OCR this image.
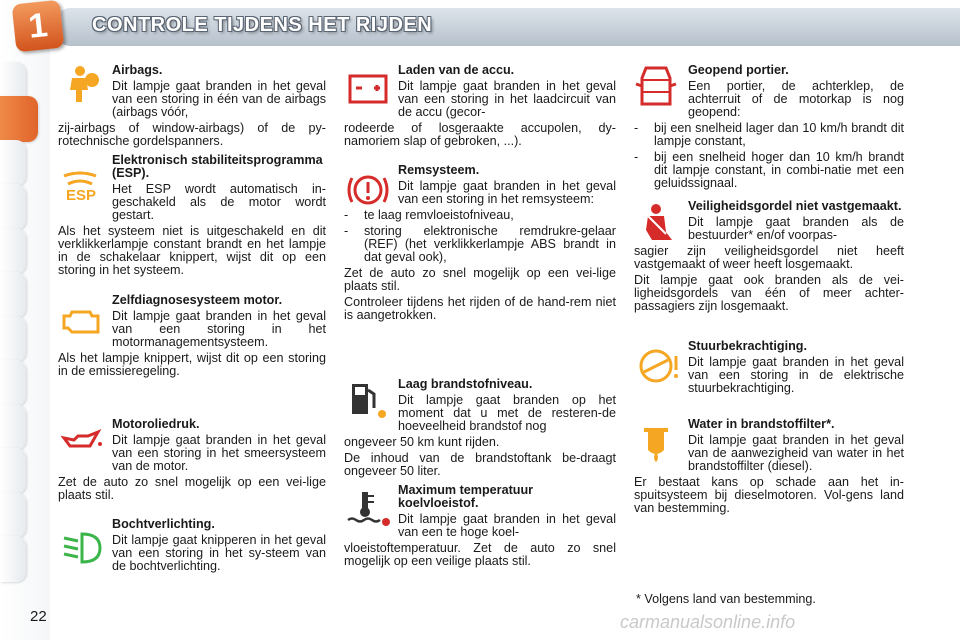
1	CONTROLE TIJDENS HET RIJDEN
Airbags.

Dit lampje gaat branden in het geval van een storing in één van de airbags (airbags vóór,

zij-airbags of window-airbags) of de py-rotechnische gordelspanners.

ESP
Elektronisch stabiliteitsprogramma (ESP).

Het ESP wordt automatisch in-geschakeld als de motor wordt gestart.

Als het systeem niet is uitgeschakeld en dit verklikkerlampje constant brandt en het lampje in de schakelaar knippert, wijst dit op een storing in het systeem.

Zelfdiagnosesysteem motor.

Dit lampje gaat branden in het geval van een storing in het motormanagementsysteem.

Als het lampje knippert, wijst dit op een storing in de emissieregeling.

Motoroliedruk.

Dit lampje gaat branden in het geval van een storing in het smeersysteem van de motor.

Zet de auto zo snel mogelijk op een vei-lige plaats stil.

Bochtverlichting.

Dit lampje gaat knipperen in het geval van een storing in het sy-steem van de bochtverlichting.

Laden van de accu.

Dit lampje gaat branden in het geval van een storing in het laadcircuit van de accu (gecor-

rodeerde of losgeraakte accupolen, dy-namoriem slap of gebroken, ...).

Remsysteem.

Dit lampje gaat branden in het geval van een storing in het remsysteem:

-	te laag remvloeistofniveau,
-	storing elektronische remdrukre-gelaar (REF) (het verklikkerlampje ABS brandt in dat geval ook),

Zet de auto zo snel mogelijk op een vei-lige plaats stil.

Controleer tijdens het rijden of de hand-rem niet is aangetrokken.

Laag brandstofniveau.

Dit lampje gaat branden op het moment dat u met de resteren-de hoeveelheid brandstof nog

ongeveer 50 km kunt rijden.

De inhoud van de brandstoftank be-draagt ongeveer 50 liter.

Maximum temperatuur koelvloeistof.

Dit lampje gaat branden in het geval van een te hoge koel-

vloeistoftemperatuur. Zet de auto zo snel mogelijk op een veilige plaats stil.

Geopend portier.

Een portier, de achterklep, de achterruit of de motorkap is nog geopend:

-	bij een snelheid lager dan 10 km/h brandt dit lampje constant,
-	bij een snelheid hoger dan 10 km/h brandt dit lampje constant, in combi-natie met een geluidssignaal.
Veiligheidsgordel niet vastgemaakt.

Dit lampje gaat branden als de bestuurder* en/of voorpas-

sagier zijn veiligheidsgordel niet heeft vastgemaakt of weer heeft losgemaakt.

Dit lampje gaat ook branden als de vei-ligheidsgordels van één of meer achter-passagiers zijn losgemaakt.

Stuurbekrachtiging.

Dit lampje gaat branden in het geval van een storing in de elektrische stuurbekrachtiging.

Water in brandstoffilter*.

Dit lampje gaat branden in het geval van de aanwezigheid van water in het brandstoffilter (diesel).

Er bestaat kans op schade aan het in-spuitsysteem bij dieselmotoren. Vol-gens land van bestemming.

* Volgens land van bestemming.
22	carmanualsonline.info
